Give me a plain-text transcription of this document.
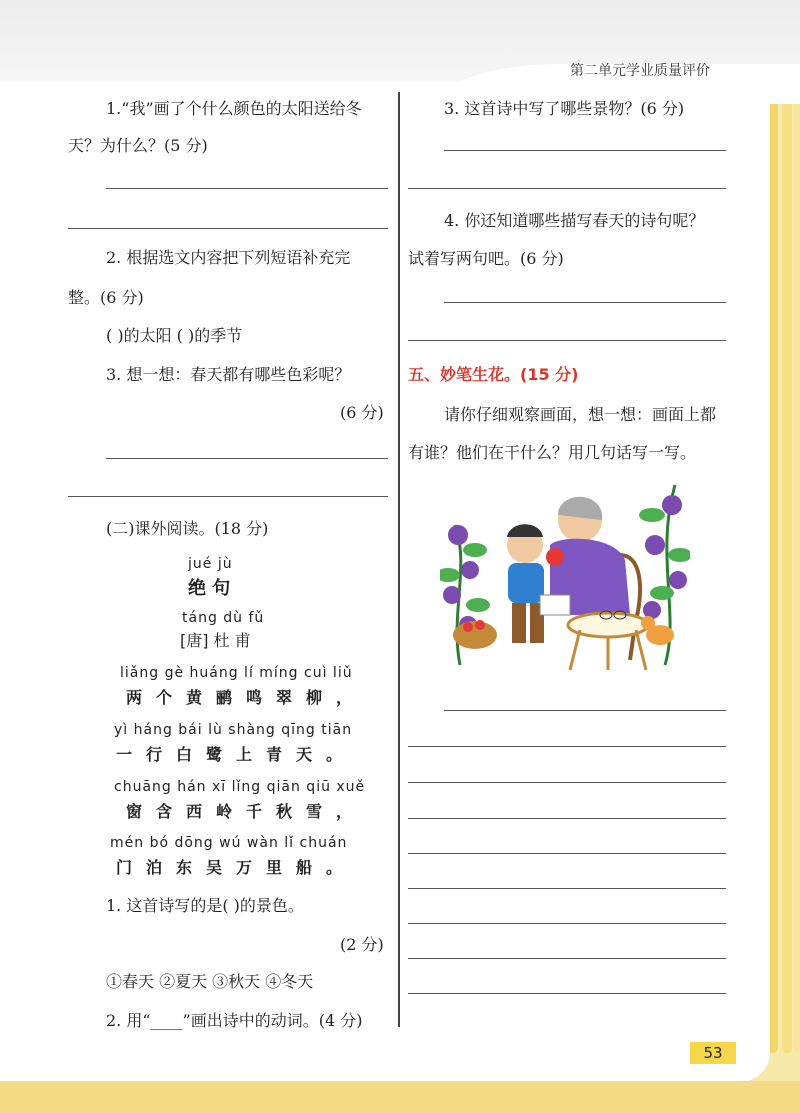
第二单元学业质量评价
1.“我”画了个什么颜色的太阳送给冬
天？为什么？(5 分)
2. 根据选文内容把下列短语补充完
整。(6 分)
( )的太阳 ( )的季节
3. 想一想：春天都有哪些色彩呢？
(6 分)
(二)课外阅读。(18 分)
jué jù
绝 句
táng dù fǔ
[唐] 杜 甫
liǎng gè huáng lí míng cuì liǔ
两个黄鹂鸣翠柳，
yì háng bái lù shàng qīng tiān
一行白鹭上青天。
chuāng hán xī lǐng qiān qiū xuě
窗含西岭千秋雪，
mén bó dōng wú wàn lǐ chuán
门泊东吴万里船。
1. 这首诗写的是( )的景色。
(2 分)
①春天 ②夏天 ③秋天 ④冬天
2. 用“____”画出诗中的动词。(4 分)
3. 这首诗中写了哪些景物？(6 分)
4. 你还知道哪些描写春天的诗句呢？
试着写两句吧。(6 分)
五、妙笔生花。(15 分)
请你仔细观察画面，想一想：画面上都
有谁？他们在干什么？用几句话写一写。
53
